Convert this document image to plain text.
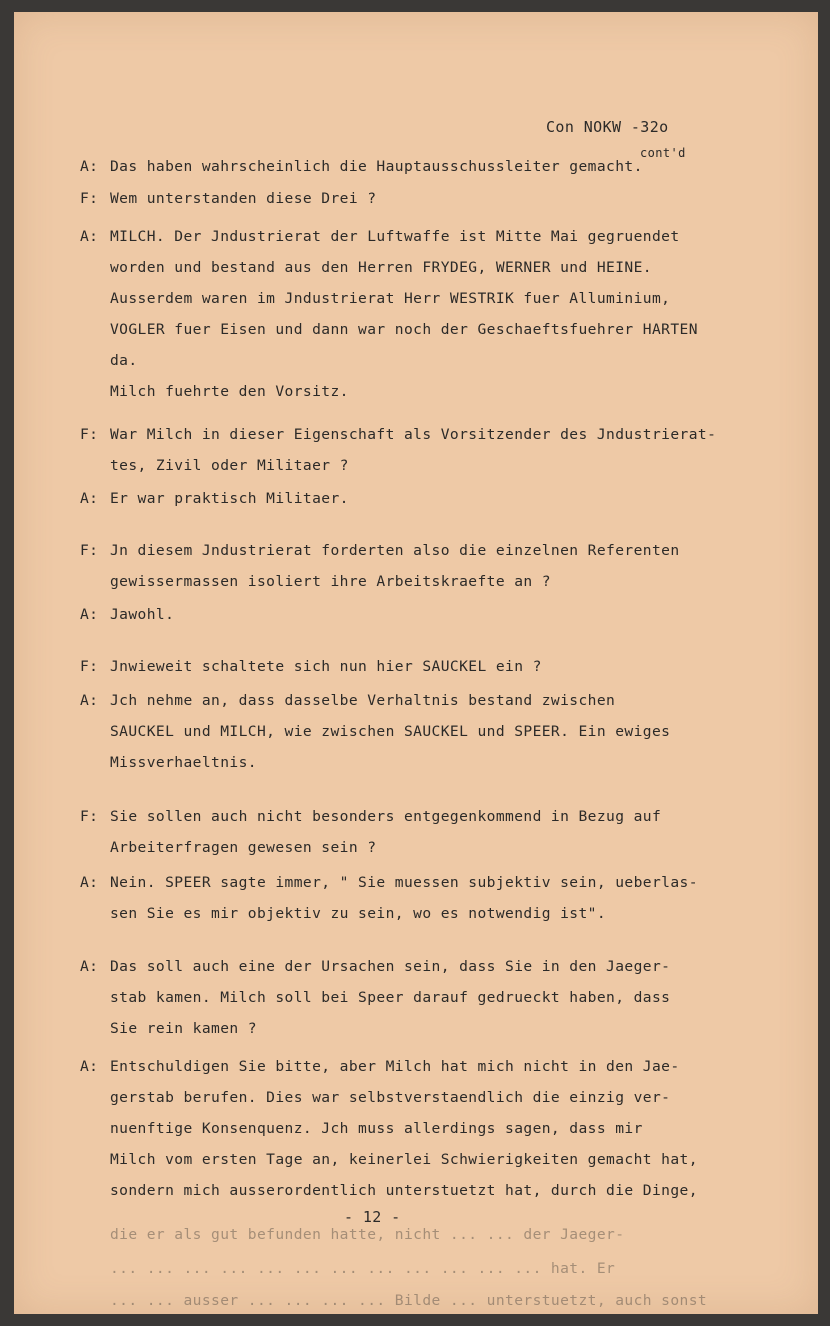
Con NOKW -32o
cont'd
A: Das haben wahrscheinlich die Hauptausschussleiter gemacht.
F: Wem unterstanden diese Drei ?
A: MILCH. Der Jndustrierat der Luftwaffe ist Mitte Mai gegruendet
worden und bestand aus den Herren FRYDEG, WERNER und HEINE.
Ausserdem waren im Jndustrierat Herr WESTRIK fuer Alluminium,
VOGLER fuer Eisen und dann war noch der Geschaeftsfuehrer HARTEN
da.
Milch fuehrte den Vorsitz.
F: War Milch in dieser Eigenschaft als Vorsitzender des Jndustrierat-
tes, Zivil oder Militaer ?
A: Er war praktisch Militaer.
F: Jn diesem Jndustrierat forderten also die einzelnen Referenten
gewissermassen isoliert ihre Arbeitskraefte an ?
A: Jawohl.
F: Jnwieweit schaltete sich nun hier SAUCKEL ein ?
A: Jch nehme an, dass dasselbe Verhaltnis bestand zwischen
SAUCKEL und MILCH, wie zwischen SAUCKEL und SPEER. Ein ewiges
Missverhaeltnis.
F: Sie sollen auch nicht besonders entgegenkommend in Bezug auf
Arbeiterfragen gewesen sein ?
A: Nein. SPEER sagte immer, " Sie muessen subjektiv sein, ueberlas-
sen Sie es mir objektiv zu sein, wo es notwendig ist".
A: Das soll auch eine der Ursachen sein, dass Sie in den Jaeger-
stab kamen. Milch soll bei Speer darauf gedrueckt haben, dass
Sie rein kamen ?
A: Entschuldigen Sie bitte, aber Milch hat mich nicht in den Jae-
gerstab berufen. Dies war selbstverstaendlich die einzig ver-
nuenftige Konsenquenz. Jch muss allerdings sagen, dass mir
Milch vom ersten Tage an, keinerlei Schwierigkeiten gemacht hat,
sondern mich ausserordentlich unterstuetzt hat, durch die Dinge,
- 12 -
die er als gut befunden hatte, nicht ... ... der Jaeger-
... ... ... ... ... ... ... ... ... ... ... ... hat. Er
... ... ausser ... ... ... ... Bilde ... unterstuetzt, auch sonst
